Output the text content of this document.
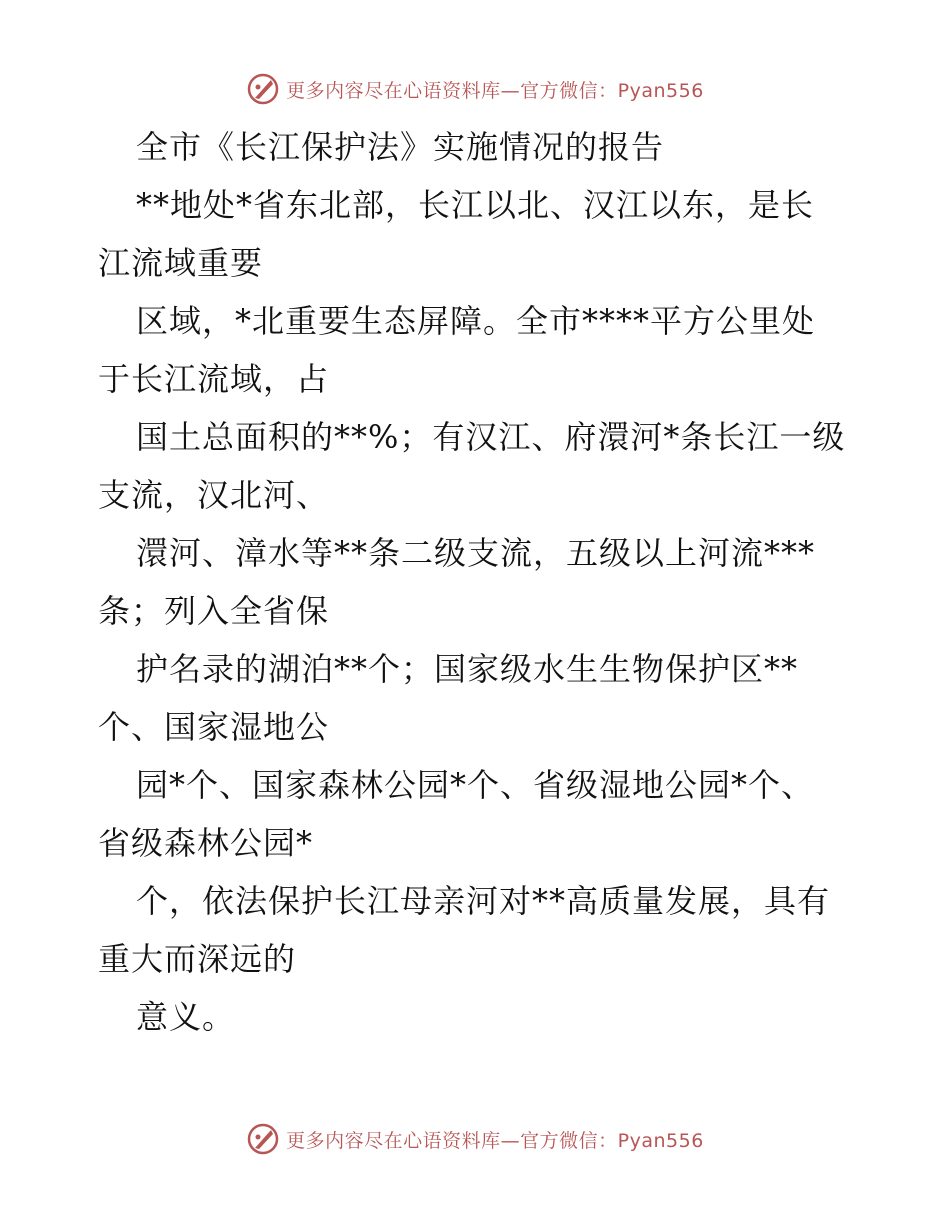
更多内容尽在心语资料库—官方微信：Pyan556
全市《长江保护法》实施情况的报告
**地处*省东北部，长江以北、汉江以东，是长
江流域重要
区域，*北重要生态屏障。全市****平方公里处
于长江流域，占
国土总面积的**%；有汉江、府澴河*条长江一级
支流，汉北河、
澴河、漳水等**条二级支流，五级以上河流***
条；列入全省保
护名录的湖泊**个；国家级水生生物保护区**
个、国家湿地公
园*个、国家森林公园*个、省级湿地公园*个、
省级森林公园*
个，依法保护长江母亲河对**高质量发展，具有
重大而深远的
意义。
更多内容尽在心语资料库—官方微信：Pyan556
